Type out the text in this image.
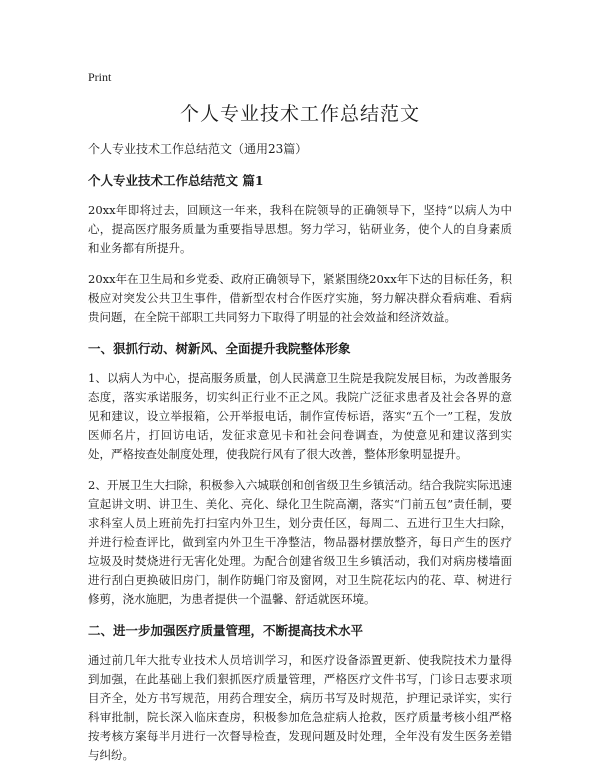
Print
个人专业技术工作总结范文

个人专业技术工作总结范文（通用23篇）

个人专业技术工作总结范文 篇1

20xx年即将过去，回顾这一年来，我科在院领导的正确领导下，坚持“以病人为中心，提高医疗服务质量为重要指导思想。努力学习，钻研业务，使个人的自身素质和业务都有所提升。

20xx年在卫生局和乡党委、政府正确领导下，紧紧围绕20xx年下达的目标任务，积极应对突发公共卫生事件，借新型农村合作医疗实施，努力解决群众看病难、看病贵问题，在全院干部职工共同努力下取得了明显的社会效益和经济效益。

一、狠抓行动、树新风、全面提升我院整体形象

1、以病人为中心，提高服务质量，创人民满意卫生院是我院发展目标，为改善服务态度，落实承诺服务，切实纠正行业不正之风。我院广泛征求患者及社会各界的意见和建议，设立举报箱，公开举报电话，制作宣传标语，落实“五个一”工程，发放医师名片，打回访电话，发征求意见卡和社会问卷调查，为使意见和建议落到实处，严格按查处制度处理，使我院行风有了很大改善，整体形象明显提升。

2、开展卫生大扫除，积极参入六城联创和创省级卫生乡镇活动。结合我院实际迅速宣起讲文明、讲卫生、美化、亮化、绿化卫生院高潮，落实“门前五包”责任制，要求科室人员上班前先打扫室内外卫生，划分责任区，每周二、五进行卫生大扫除，并进行检查评比，做到室内外卫生干净整洁，物品器材摆放整齐，每日产生的医疗垃圾及时焚烧进行无害化处理。为配合创建省级卫生乡镇活动，我们对病房楼墙面进行刮白更换破旧房门，制作防蝇门帘及窗网，对卫生院花坛内的花、草、树进行修剪，浇水施肥，为患者提供一个温馨、舒适就医环境。

二、进一步加强医疗质量管理，不断提高技术水平

通过前几年大批专业技术人员培训学习，和医疗设备添置更新、使我院技术力量得到加强，在此基础上我们狠抓医疗质量管理，严格医疗文件书写，门诊日志要求项目齐全，处方书写规范，用药合理安全，病历书写及时规范，护理记录详实，实行科审批制，院长深入临床查房，积极参加危急症病人抢救，医疗质量考核小组严格按考核方案每半月进行一次督导检查，发现问题及时处理，全年没有发生医务差错与纠纷。
